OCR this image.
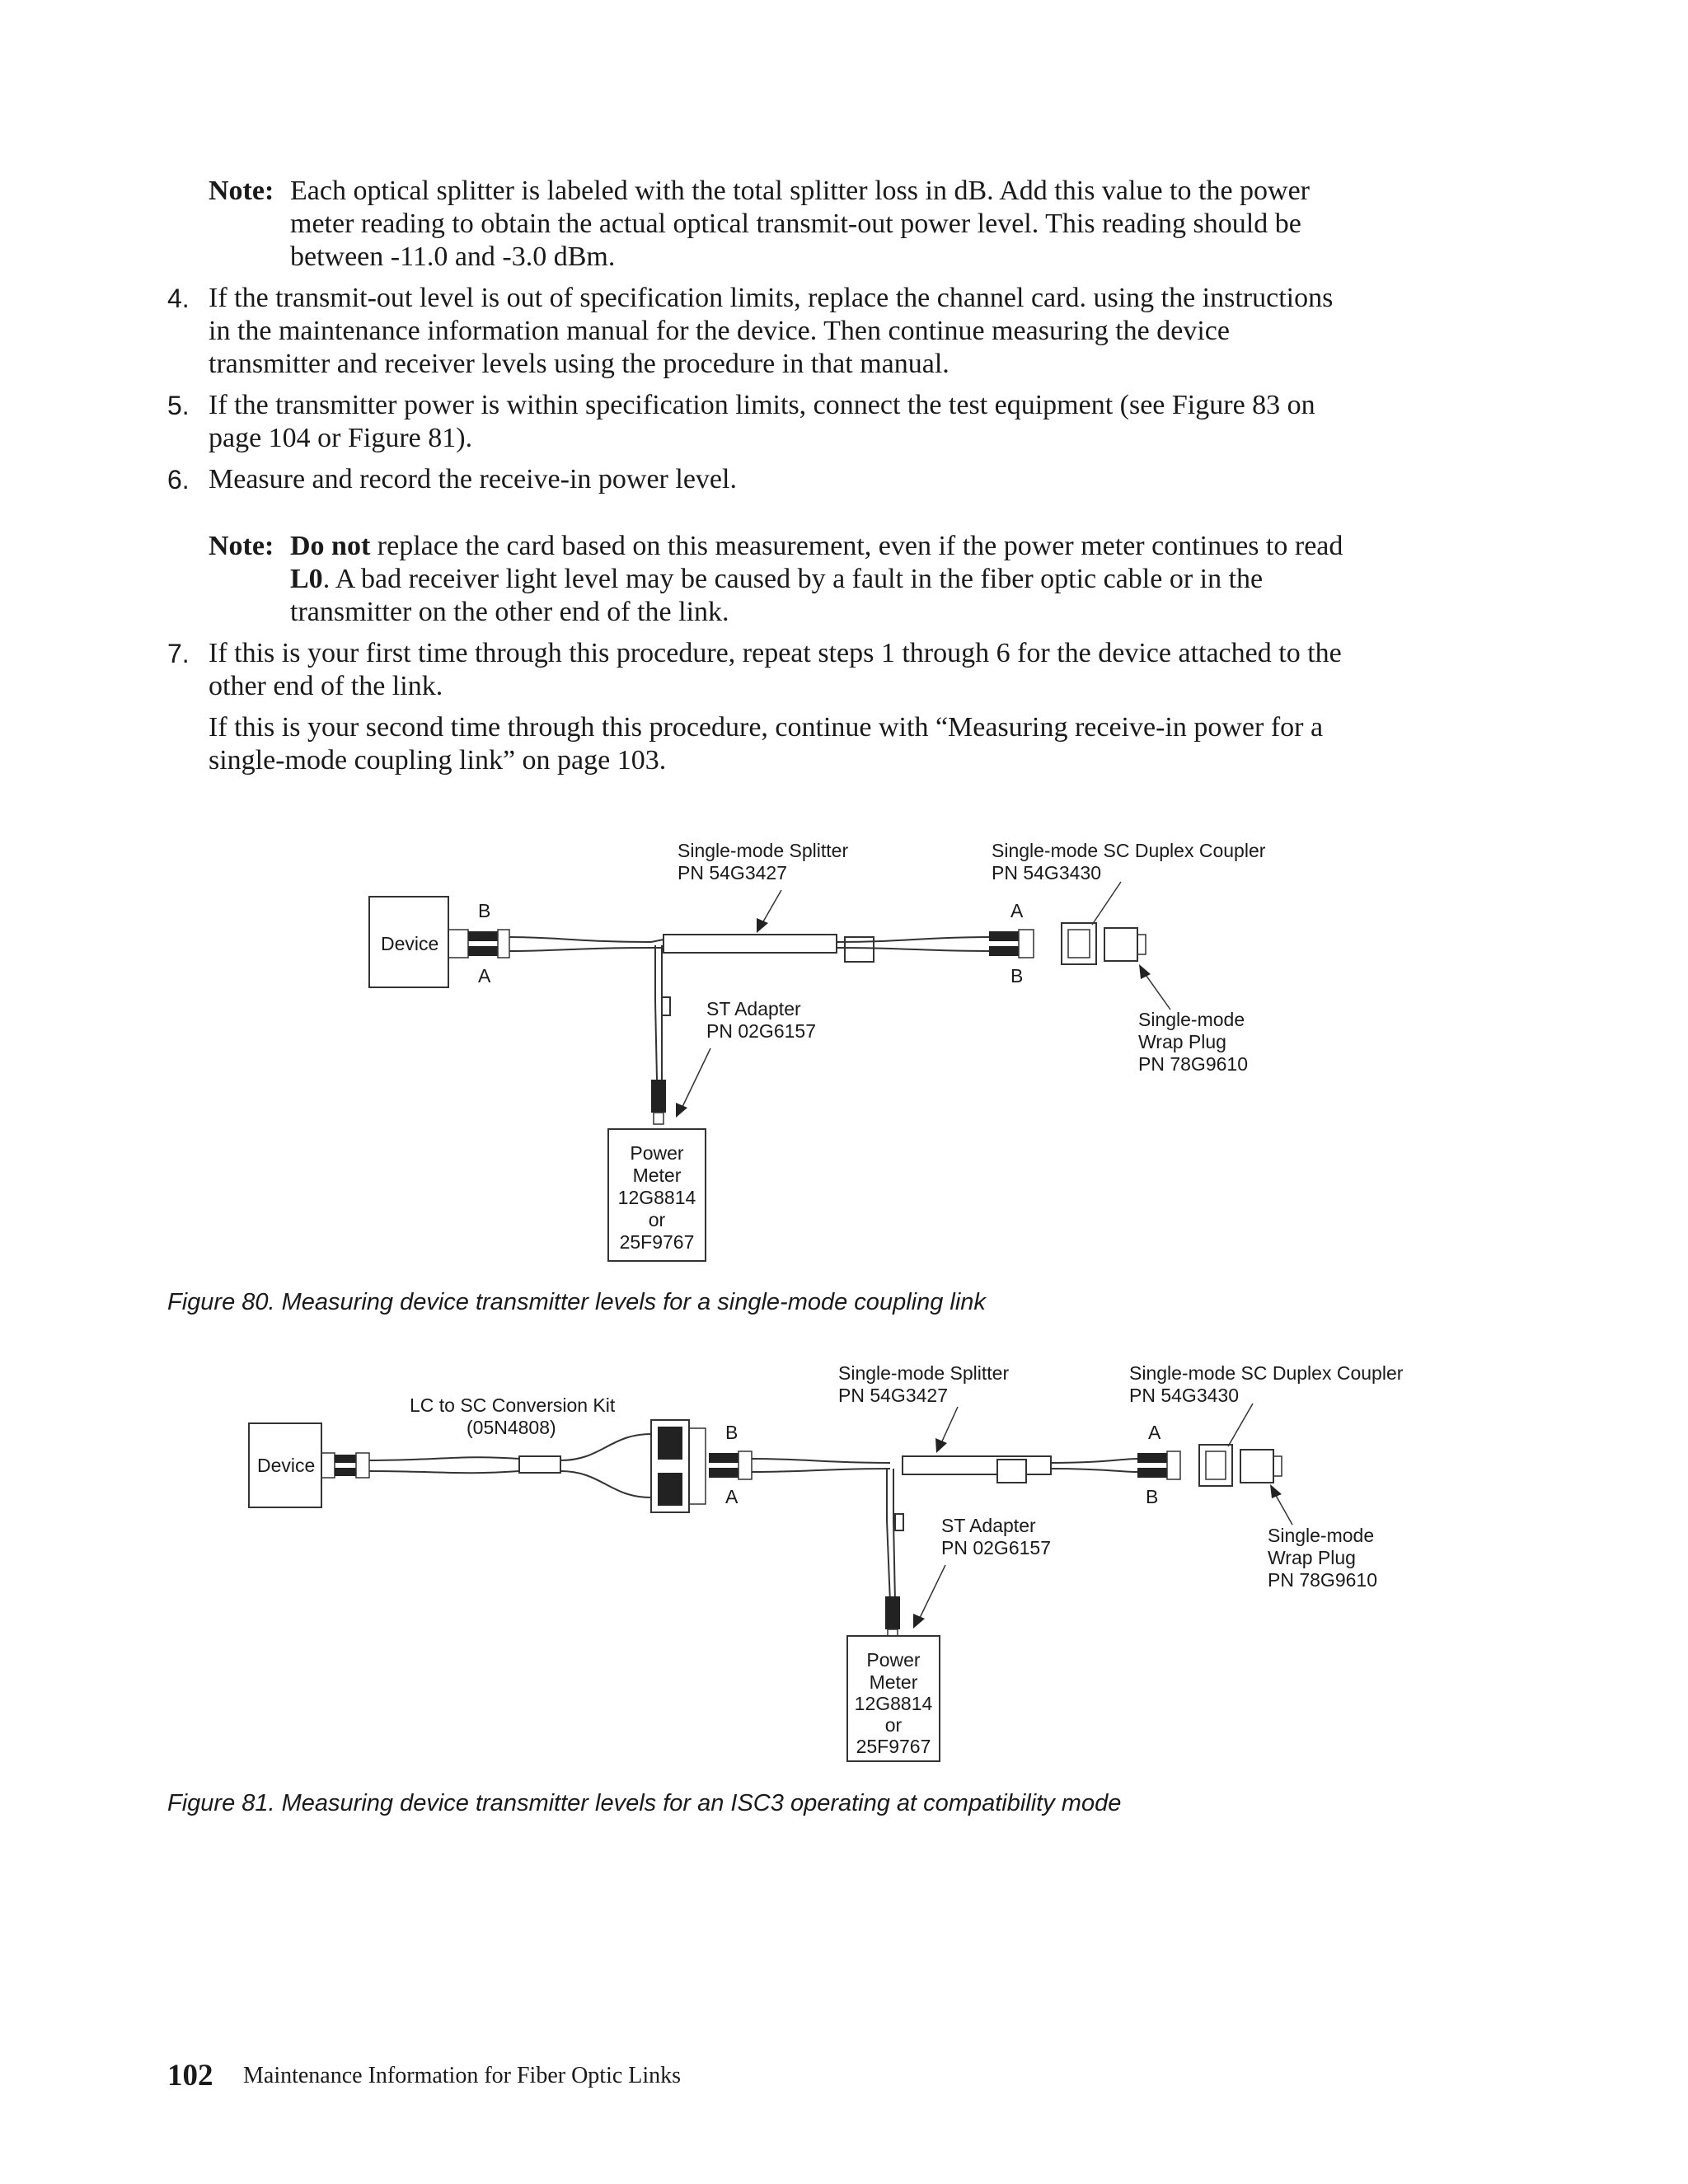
Note: Each optical splitter is labeled with the total splitter loss in dB. Add this value to the power
meter reading to obtain the actual optical transmit-out power level. This reading should be
between -11.0 and -3.0 dBm.
4. If the transmit-out level is out of specification limits, replace the channel card. using the instructions
in the maintenance information manual for the device. Then continue measuring the device
transmitter and receiver levels using the procedure in that manual.
5. If the transmitter power is within specification limits, connect the test equipment (see Figure 83 on
page 104 or Figure 81).
6. Measure and record the receive-in power level.
Note: Do not replace the card based on this measurement, even if the power meter continues to read
L0. A bad receiver light level may be caused by a fault in the fiber optic cable or in the
transmitter on the other end of the link.
7. If this is your first time through this procedure, repeat steps 1 through 6 for the device attached to the
other end of the link.
If this is your second time through this procedure, continue with “Measuring receive-in power for a
single-mode coupling link” on page 103.
Device
B
A
A
B
Power
Meter
12G8814
or
25F9767
Single-mode Splitter
PN 54G3427
Single-mode SC Duplex Coupler
PN 54G3430
Single-mode
Wrap Plug
PN 78G9610
ST Adapter
PN 02G6157
Figure 80. Measuring device transmitter levels for a single-mode coupling link
Device
B
A
A
B
Power
Meter
12G8814
or
25F9767
LC to SC Conversion Kit
(05N4808)
Single-mode Splitter
PN 54G3427
Single-mode SC Duplex Coupler
PN 54G3430
Single-mode
Wrap Plug
PN 78G9610
ST Adapter
PN 02G6157
Figure 81. Measuring device transmitter levels for an ISC3 operating at compatibility mode
102 Maintenance Information for Fiber Optic Links
